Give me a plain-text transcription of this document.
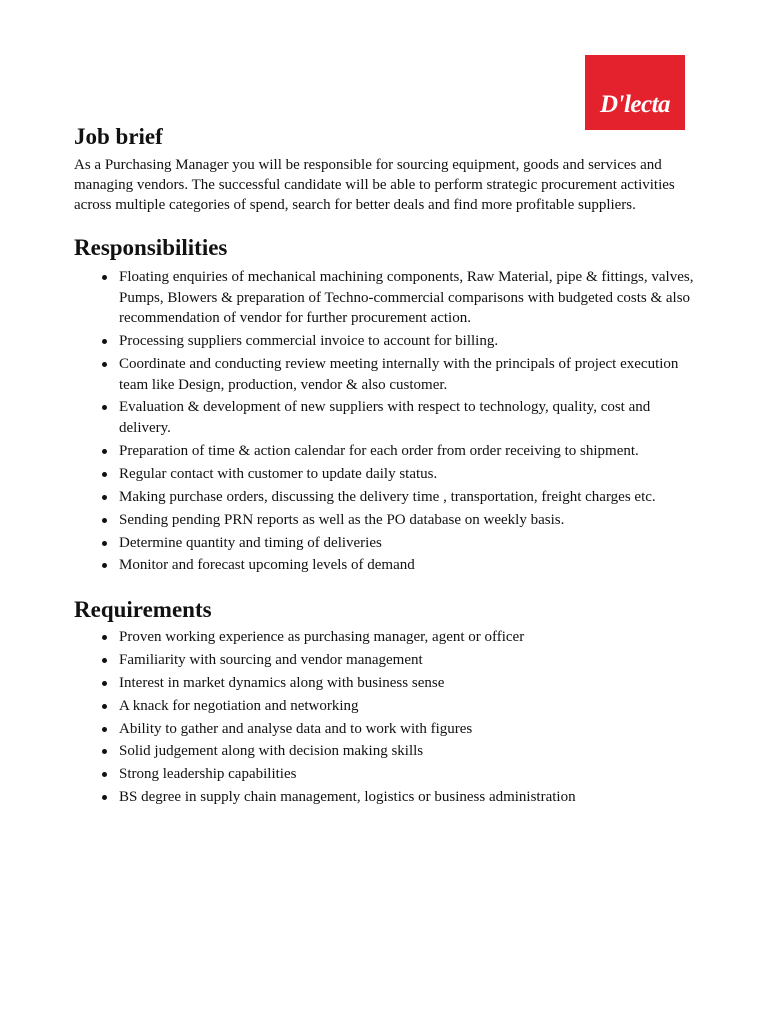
D'lecta
Job brief

As a Purchasing Manager you will be responsible for sourcing equipment, goods and services and managing vendors. The successful candidate will be able to perform strategic procurement activities across multiple categories of spend, search for better deals and find more profitable suppliers.

Responsibilities
Floating enquiries of mechanical machining components, Raw Material, pipe & fittings, valves, Pumps, Blowers & preparation of Techno-commercial comparisons with budgeted costs & also recommendation of vendor for further procurement action.
Processing suppliers commercial invoice to account for billing.
Coordinate and conducting review meeting internally with the principals of project execution team like Design, production, vendor & also customer.
Evaluation & development of new suppliers with respect to technology, quality, cost and delivery.
Preparation of time & action calendar for each order from order receiving to shipment.
Regular contact with customer to update daily status.
Making purchase orders, discussing the delivery time , transportation, freight charges etc.
Sending pending PRN reports as well as the PO database on weekly basis.
Determine quantity and timing of deliveries
Monitor and forecast upcoming levels of demand
Requirements
Proven working experience as purchasing manager, agent or officer
Familiarity with sourcing and vendor management
Interest in market dynamics along with business sense
A knack for negotiation and networking
Ability to gather and analyse data and to work with figures
Solid judgement along with decision making skills
Strong leadership capabilities
BS degree in supply chain management, logistics or business administration
